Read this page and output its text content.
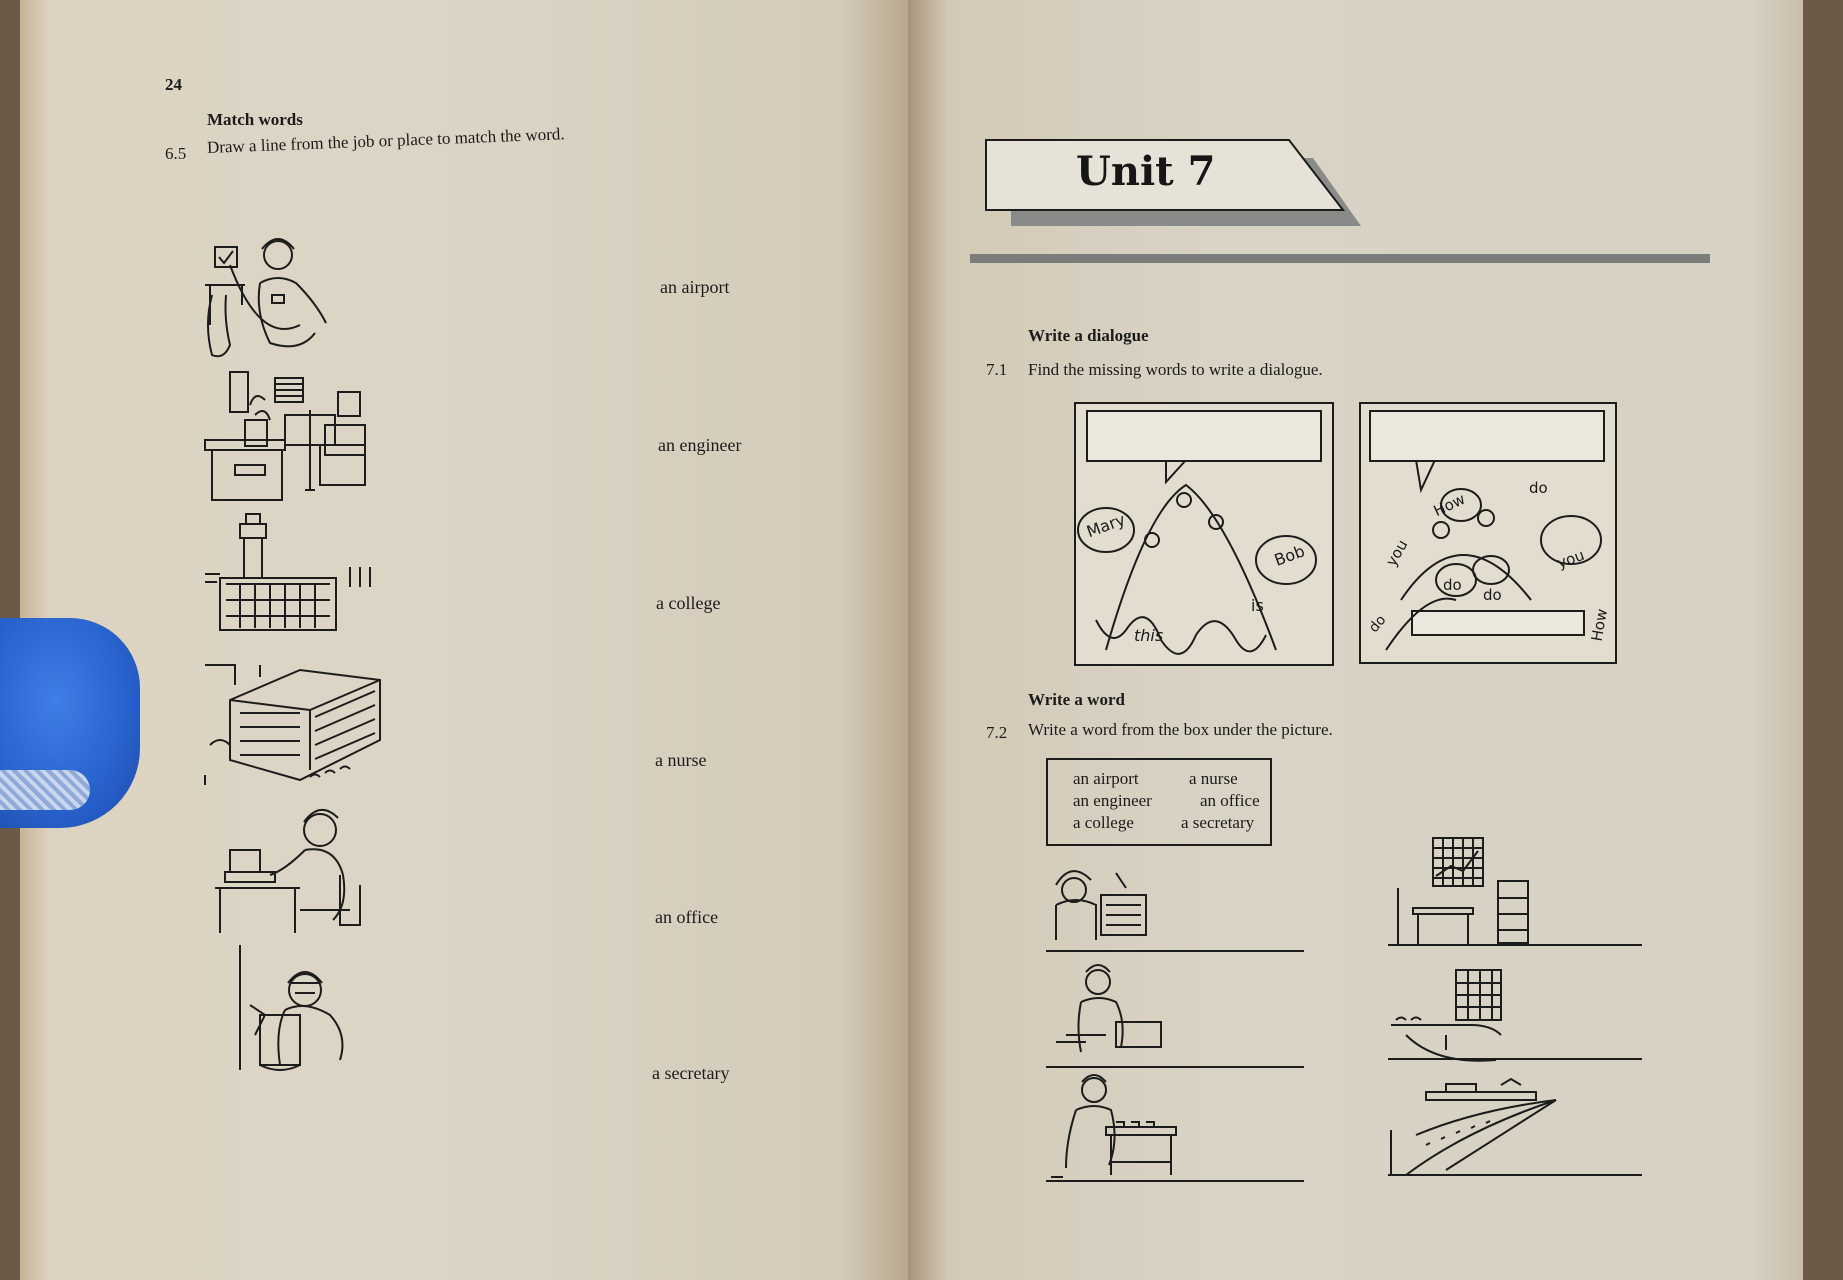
24
Match words
6.5 Draw a line from the job or place to match the word.
an airport
an engineer
a college
a nurse
an office
a secretary
Unit 7
Write a dialogue
7.1 Find the missing words to write a dialogue.
Mary
Bob
this
is
How
do
you
do
do
you
do	How
Write a word
7.2 Write a word from the box under the picture.
an airport	a nurse
an engineer	an office
a college	a secretary
